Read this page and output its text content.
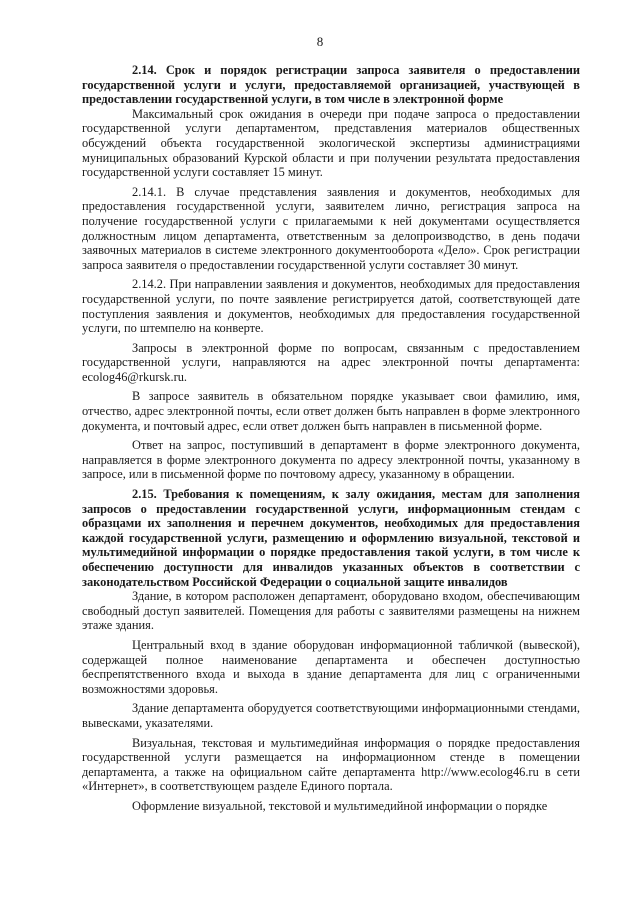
8

2.14. Срок и порядок регистрации запроса заявителя о предоставлении государственной услуги и услуги, предоставляемой организацией, участвующей в предоставлении государственной услуги, в том числе в электронной форме

Максимальный срок ожидания в очереди при подаче запроса о предоставлении государственной услуги департаментом, представления материалов общественных обсуждений объекта государственной экологической экспертизы администрациями муниципальных образований Курской области и при получении результата предоставления государственной услуги составляет 15 минут.

2.14.1. В случае представления заявления и документов, необходимых для предоставления государственной услуги, заявителем лично, регистрация запроса на получение государственной услуги с прилагаемыми к ней документами осуществляется должностным лицом департамента, ответственным за делопроизводство, в день подачи заявочных материалов в системе электронного документооборота «Дело». Срок регистрации запроса заявителя о предоставлении государственной услуги составляет 30 минут.

2.14.2. При направлении заявления и документов, необходимых для предоставления государственной услуги, по почте заявление регистрируется датой, соответствующей дате поступления заявления и документов, необходимых для предоставления государственной услуги, по штемпелю на конверте.

Запросы в электронной форме по вопросам, связанным с предоставлением государственной услуги, направляются на адрес электронной почты департамента: ecolog46@rkursk.ru.

В запросе заявитель в обязательном порядке указывает свои фамилию, имя, отчество, адрес электронной почты, если ответ должен быть направлен в форме электронного документа, и почтовый адрес, если ответ должен быть направлен в письменной форме.

Ответ на запрос, поступивший в департамент в форме электронного документа, направляется в форме электронного документа по адресу электронной почты, указанному в запросе, или в письменной форме по почтовому адресу, указанному в обращении.

2.15. Требования к помещениям, к залу ожидания, местам для заполнения запросов о предоставлении государственной услуги, информационным стендам с образцами их заполнения и перечнем документов, необходимых для предоставления каждой государственной услуги, размещению и оформлению визуальной, текстовой и мультимедийной информации о порядке предоставления такой услуги, в том числе к обеспечению доступности для инвалидов указанных объектов в соответствии с законодательством Российской Федерации о социальной защите инвалидов

Здание, в котором расположен департамент, оборудовано входом, обеспечивающим свободный доступ заявителей. Помещения для работы с заявителями размещены на нижнем этаже здания.

Центральный вход в здание оборудован информационной табличкой (вывеской), содержащей полное наименование департамента и обеспечен доступностью беспрепятственного входа и выхода в здание департамента для лиц с ограниченными возможностями здоровья.

Здание департамента оборудуется соответствующими информационными стендами, вывесками, указателями.

Визуальная, текстовая и мультимедийная информация о порядке предоставления государственной услуги размещается на информационном стенде в помещении департамента, а также на официальном сайте департамента http://www.ecolog46.ru в сети «Интернет», в соответствующем разделе Единого портала.

Оформление визуальной, текстовой и мультимедийной информации о порядке
